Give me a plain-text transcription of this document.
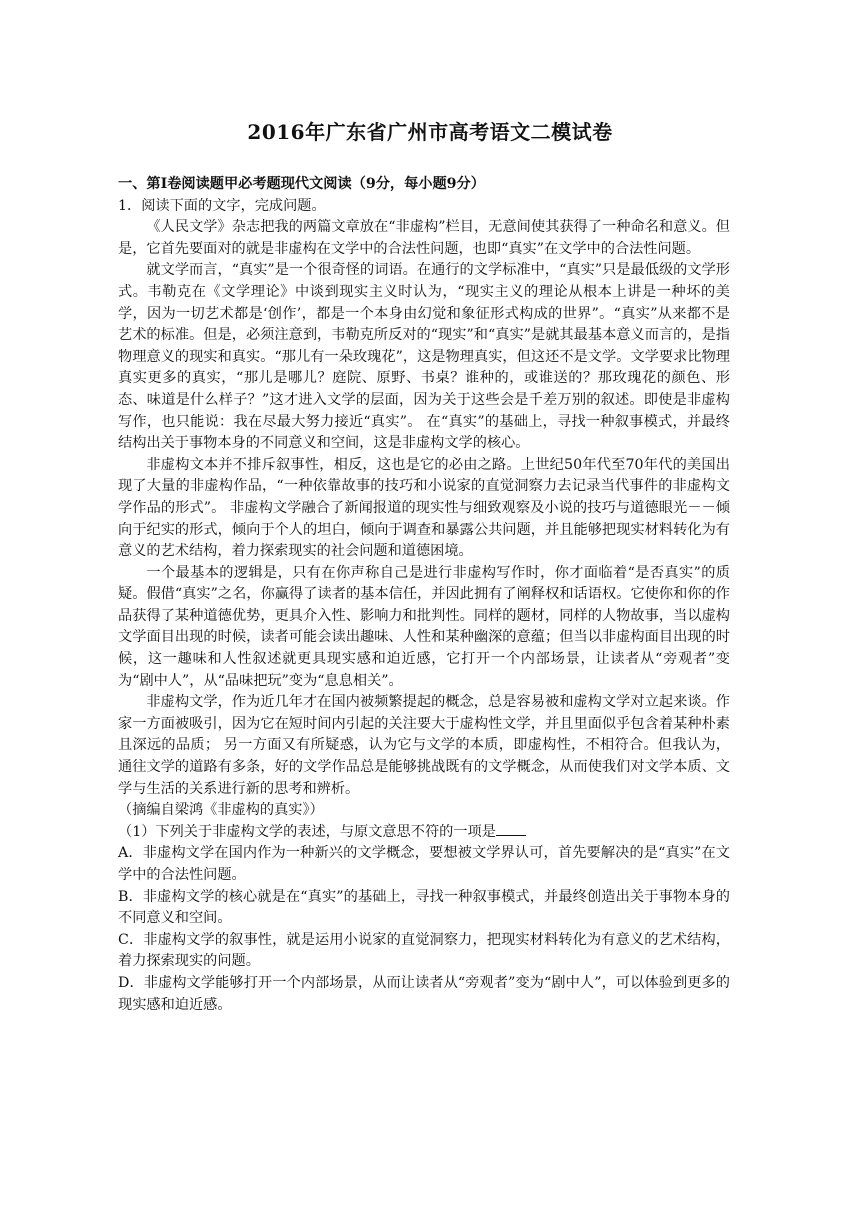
2016年广东省广州市高考语文二模试卷

一、第Ⅰ卷阅读题甲必考题现代文阅读（9分，每小题9分）

1．阅读下面的文字，完成问题。

《人民文学》杂志把我的两篇文章放在“非虚构”栏目，无意间使其获得了一种命名和意义。但是，它首先要面对的就是非虚构在文学中的合法性问题，也即“真实”在文学中的合法性问题。

就文学而言，“真实”是一个很奇怪的词语。在通行的文学标准中，“真实”只是最低级的文学形式。韦勒克在《文学理论》中谈到现实主义时认为，“现实主义的理论从根本上讲是一种坏的美学，因为一切艺术都是‘创作’，都是一个本身由幻觉和象征形式构成的世界”。“真实”从来都不是艺术的标准。但是，必须注意到，韦勒克所反对的“现实”和“真实”是就其最基本意义而言的，是指物理意义的现实和真实。“那儿有一朵玫瑰花”，这是物理真实，但这还不是文学。文学要求比物理真实更多的真实，“那儿是哪儿？庭院、原野、书桌？谁种的，或谁送的？那玫瑰花的颜色、形态、味道是什么样子？”这才进入文学的层面，因为关于这些会是千差万别的叙述。即使是非虚构写作，也只能说：我在尽最大努力接近“真实”。 在“真实”的基础上，寻找一种叙事模式，并最终结构出关于事物本身的不同意义和空间，这是非虚构文学的核心。

非虚构文本并不排斥叙事性，相反，这也是它的必由之路。上世纪50年代至70年代的美国出现了大量的非虚构作品，“一种依靠故事的技巧和小说家的直觉洞察力去记录当代事件的非虚构文学作品的形式”。 非虚构文学融合了新闻报道的现实性与细致观察及小说的技巧与道德眼光－－倾向于纪实的形式，倾向于个人的坦白，倾向于调查和暴露公共问题，并且能够把现实材料转化为有意义的艺术结构，着力探索现实的社会问题和道德困境。

一个最基本的逻辑是，只有在你声称自己是进行非虚构写作时，你才面临着“是否真实”的质疑。假借“真实”之名，你赢得了读者的基本信任，并因此拥有了阐释权和话语权。它使你和你的作品获得了某种道德优势，更具介入性、影响力和批判性。同样的题材，同样的人物故事，当以虚构文学面目出现的时候，读者可能会读出趣味、人性和某种幽深的意蕴；但当以非虚构面目出现的时候，这一趣味和人性叙述就更具现实感和迫近感，它打开一个内部场景，让读者从“旁观者”变为“剧中人”，从“品味把玩”变为“息息相关”。

非虚构文学，作为近几年才在国内被频繁提起的概念，总是容易被和虚构文学对立起来谈。作家一方面被吸引，因为它在短时间内引起的关注要大于虚构性文学，并且里面似乎包含着某种朴素且深远的品质； 另一方面又有所疑惑，认为它与文学的本质，即虚构性，不相符合。但我认为，通往文学的道路有多条，好的文学作品总是能够挑战既有的文学概念，从而使我们对文学本质、文学与生活的关系进行新的思考和辨析。

（摘编自梁鸿《非虚构的真实》）

（1）下列关于非虚构文学的表述，与原文意思不符的一项是

A．非虚构文学在国内作为一种新兴的文学概念，要想被文学界认可，首先要解决的是“真实”在文学中的合法性问题。

B．非虚构文学的核心就是在“真实”的基础上，寻找一种叙事模式，并最终创造出关于事物本身的不同意义和空间。

C．非虚构文学的叙事性，就是运用小说家的直觉洞察力，把现实材料转化为有意义的艺术结构，着力探索现实的问题。

D．非虚构文学能够打开一个内部场景，从而让读者从“旁观者”变为“剧中人”，可以体验到更多的现实感和迫近感。
